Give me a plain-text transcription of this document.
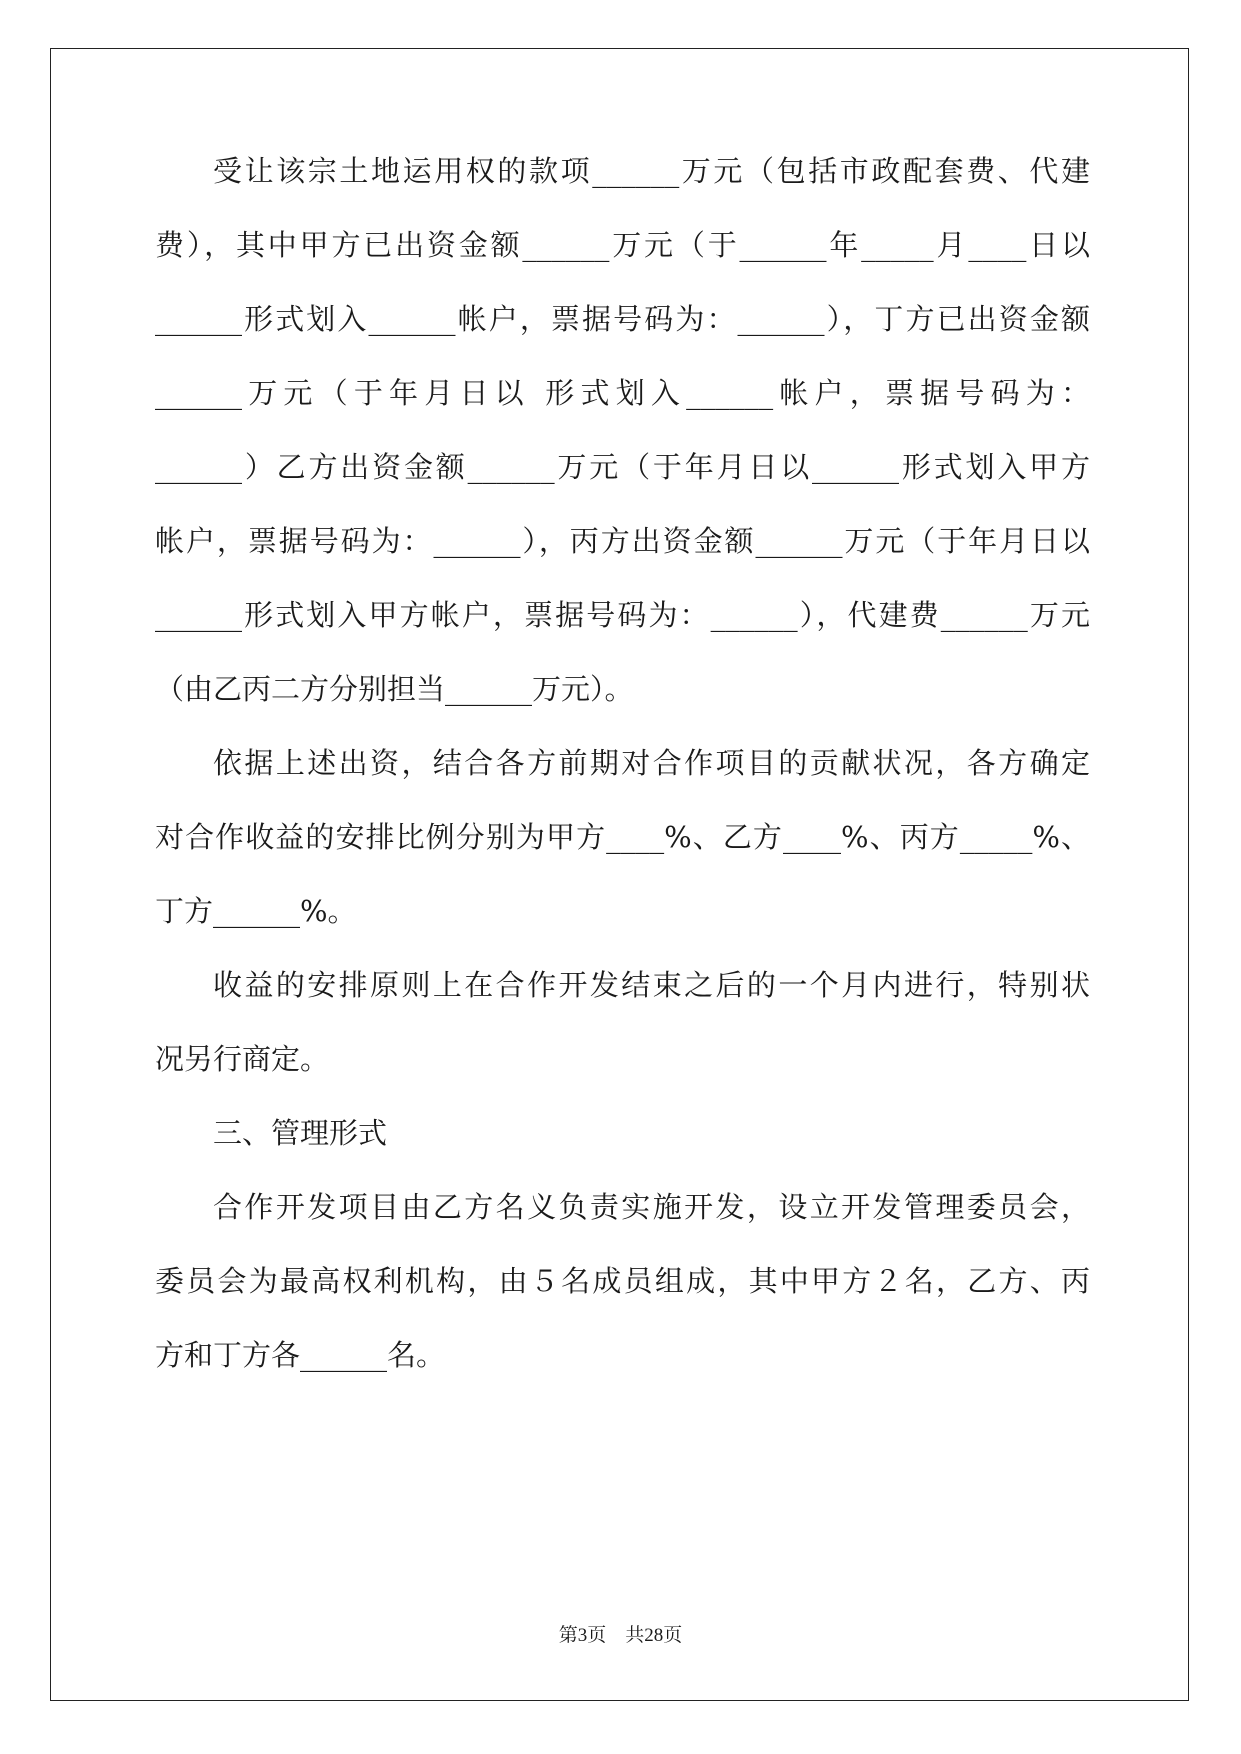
受让该宗土地运用权的款项______万元（包括市政配套费、代建
费），其中甲方已出资金额______万元（于______年_____月____日以
______形式划入______帐户，票据号码为：______），丁方已出资金额
______万元（于年月日以 形式划入______帐户，票据号码为：
______）乙方出资金额______万元（于年月日以______形式划入甲方
帐户，票据号码为：______），丙方出资金额______万元（于年月日以
______形式划入甲方帐户，票据号码为：______），代建费______万元
（由乙丙二方分别担当______万元）。
依据上述出资，结合各方前期对合作项目的贡献状况，各方确定
对合作收益的安排比例分别为甲方____%、乙方____%、丙方_____%、
丁方______%。
收益的安排原则上在合作开发结束之后的一个月内进行，特别状
况另行商定。
三、管理形式
合作开发项目由乙方名义负责实施开发，设立开发管理委员会，
委员会为最高权利机构，由５名成员组成，其中甲方２名，乙方、丙
方和丁方各______名。
第3页　共28页
